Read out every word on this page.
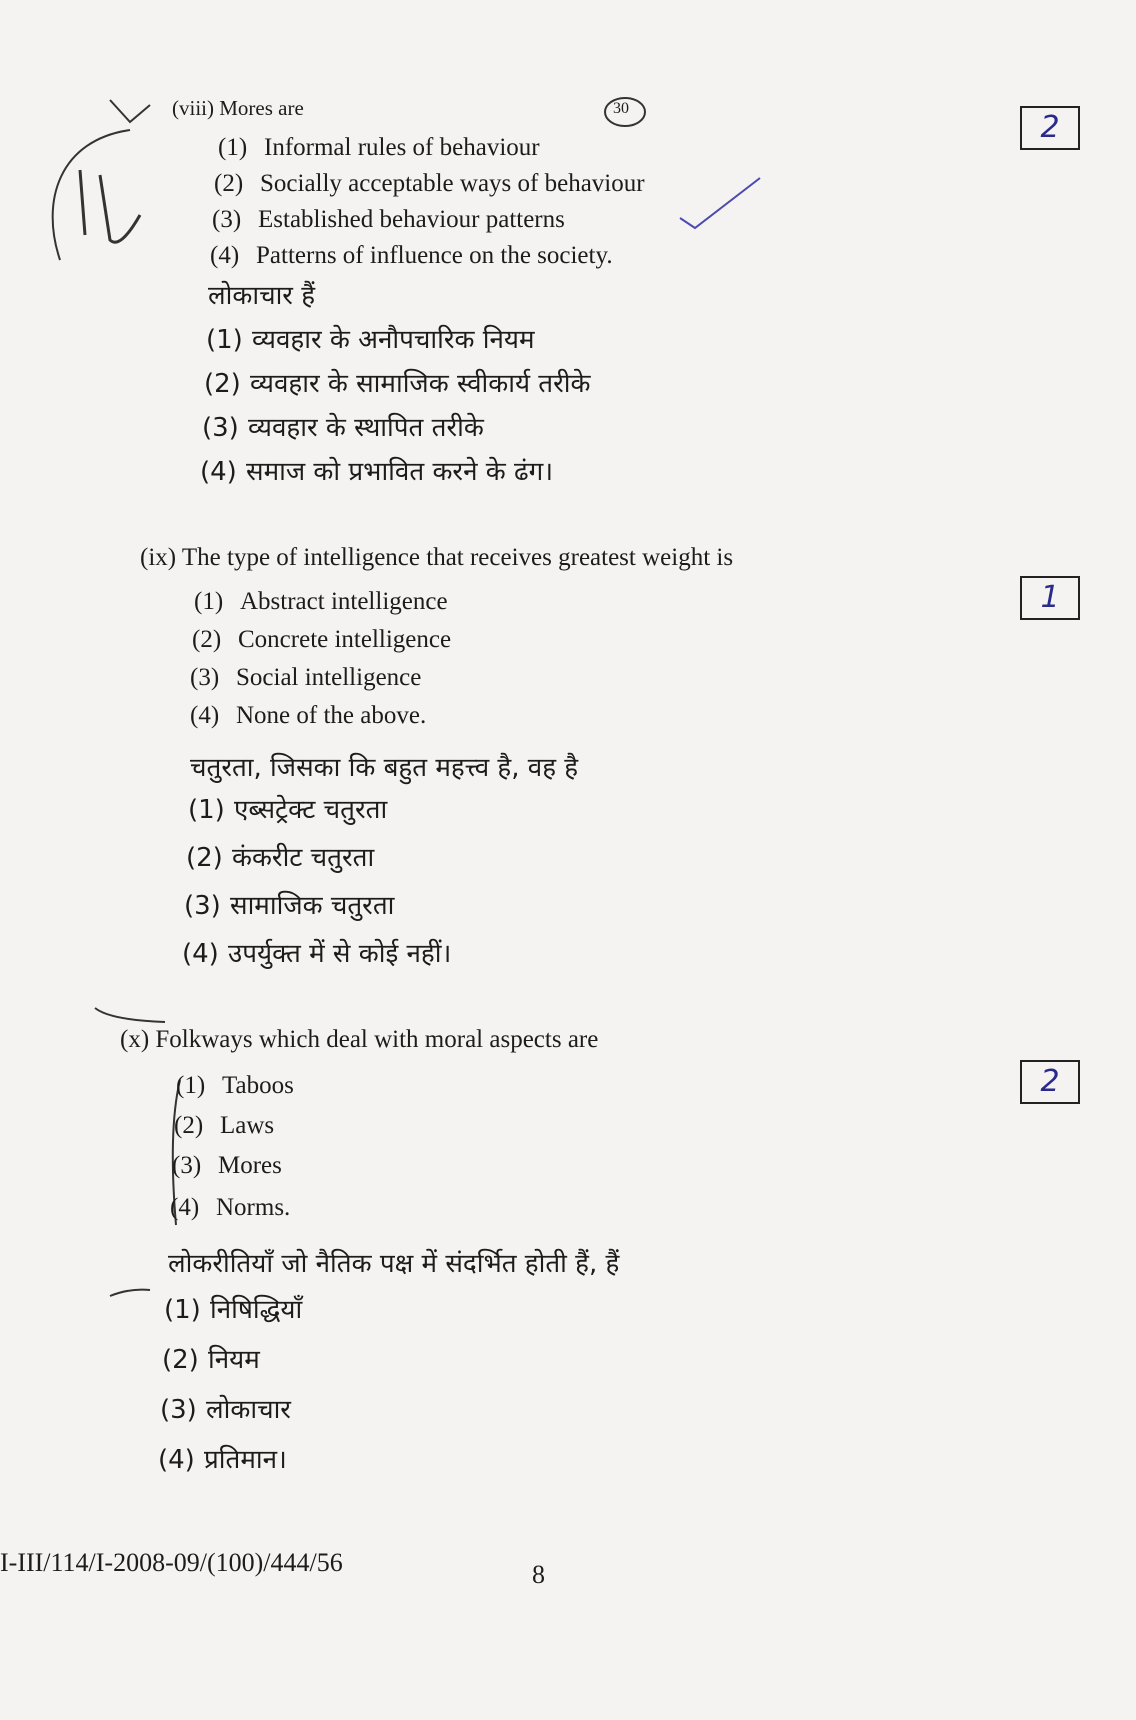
30
(viii) Mores are
(1) Informal rules of behaviour
(2) Socially acceptable ways of behaviour
(3) Established behaviour patterns
(4) Patterns of influence on the society.
लोकाचार हैं
(1) व्यवहार के अनौपचारिक नियम
(2) व्यवहार के सामाजिक स्वीकार्य तरीके
(3) व्यवहार के स्थापित तरीके
(4) समाज को प्रभावित करने के ढंग।
2
(ix) The type of intelligence that receives greatest weight is
(1) Abstract intelligence
(2) Concrete intelligence
(3) Social intelligence
(4) None of the above.
चतुरता, जिसका कि बहुत महत्त्व है, वह है
(1) एब्सट्रेक्ट चतुरता
(2) कंकरीट चतुरता
(3) सामाजिक चतुरता
(4) उपर्युक्त में से कोई नहीं।
1
(x) Folkways which deal with moral aspects are
(1) Taboos
(2) Laws
(3) Mores
(4) Norms.
लोकरीतियाँ जो नैतिक पक्ष में संदर्भित होती हैं, हैं
(1) निषिद्धियाँ
(2) नियम
(3) लोकाचार
(4) प्रतिमान।
2
I-III/114/I-2008-09/(100)/444/56	8
